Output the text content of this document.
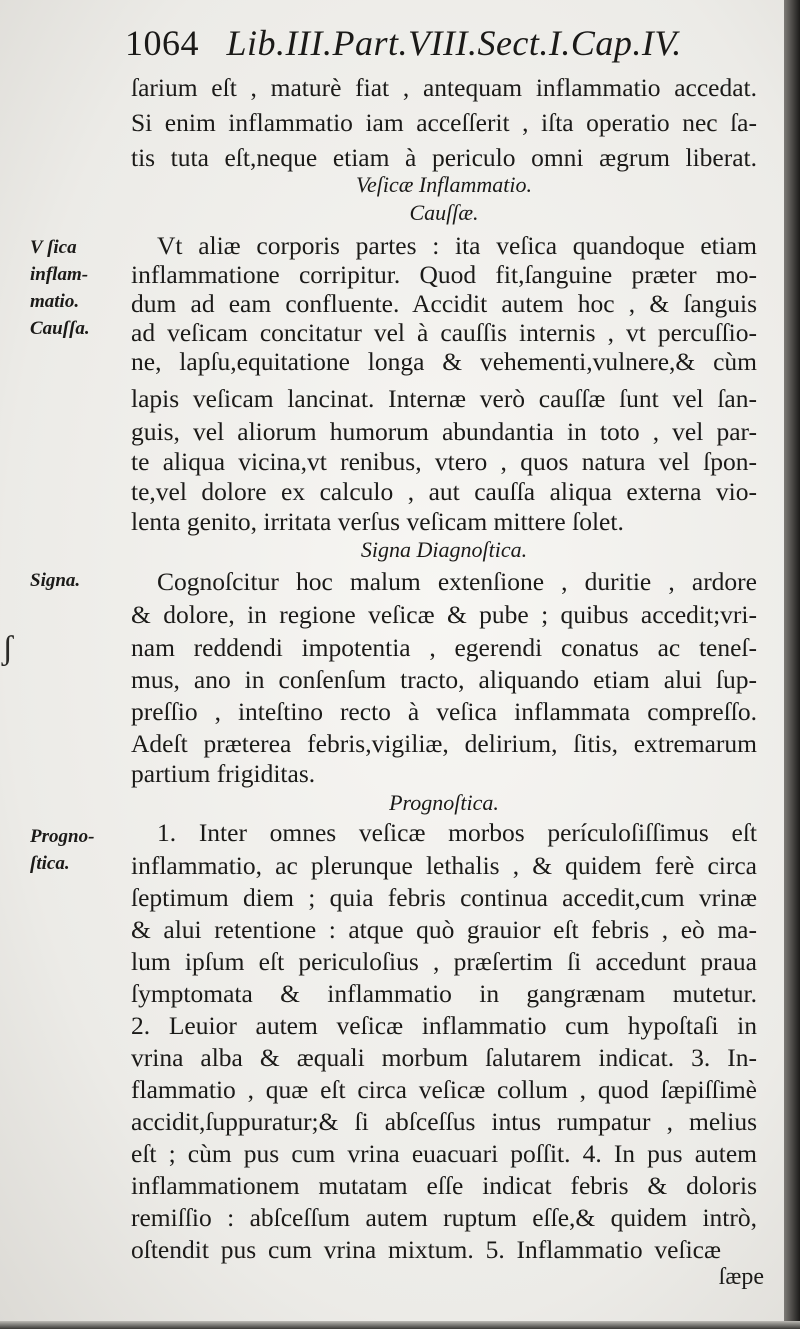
1064 Lib.III.Part.VIII.Sect.I.Cap.IV.
ſarium eſt , maturè fiat , antequam inflammatio accedat.
Si enim inflammatio iam acceſſerit , iſta operatio nec ſa-
tis tuta eſt,neque etiam à periculo omni ægrum liberat.
Veſicæ Inflammatio.
Cauſſæ.
V ſica
inflam-
matio.
Cauſſa.
Vt aliæ corporis partes : ita veſica quandoque etiam
inflammatione corripitur. Quod fit,ſanguine præter mo-
dum ad eam confluente. Accidit autem hoc , & ſanguis
ad veſicam concitatur vel à cauſſis internis , vt percuſſio-
ne, lapſu,equitatione longa & vehementi,vulnere,& cùm
lapis veſicam lancinat. Internæ verò cauſſæ ſunt vel ſan-
guis, vel aliorum humorum abundantia in toto , vel par-
te aliqua vicina,vt renibus, vtero , quos natura vel ſpon-
te,vel dolore ex calculo , aut cauſſa aliqua externa vio-
lenta genito, irritata verſus veſicam mittere ſolet.
Signa Diagnoſtica.
Signa.	Cognoſcitur hoc malum extenſione , duritie , ardore
& dolore, in regione veſicæ & pube ; quibus accedit;vri-
nam reddendi impotentia , egerendi conatus ac teneſ-
mus, ano in conſenſum tracto, aliquando etiam alui ſup-
preſſio , inteſtino recto à veſica inflammata compreſſo.
Adeſt præterea febris,vigiliæ, delirium, ſitis, extremarum
partium frigiditas.
ʃ
Prognoſtica.
Progno-
ſtica.
1. Inter omnes veſicæ morbos perículoſiſſimus eſt
inflammatio, ac plerunque lethalis , & quidem ferè circa
ſeptimum diem ; quia febris continua accedit,cum vrinæ
& alui retentione : atque quò grauior eſt febris , eò ma-
lum ipſum eſt periculoſius , præſertim ſi accedunt praua
ſymptomata & inflammatio in gangrænam mutetur.
2. Leuior autem veſicæ inflammatio cum hypoſtaſi in
vrina alba & æquali morbum ſalutarem indicat. 3. In-
flammatio , quæ eſt circa veſicæ collum , quod ſæpiſſimè
accidit,ſuppuratur;& ſi abſceſſus intus rumpatur , melius
eſt ; cùm pus cum vrina euacuari poſſit. 4. In pus autem
inflammationem mutatam eſſe indicat febris & doloris
remiſſio : abſceſſum autem ruptum eſſe,& quidem intrò,
oſtendit pus cum vrina mixtum. 5. Inflammatio veſicæ
ſæpe
